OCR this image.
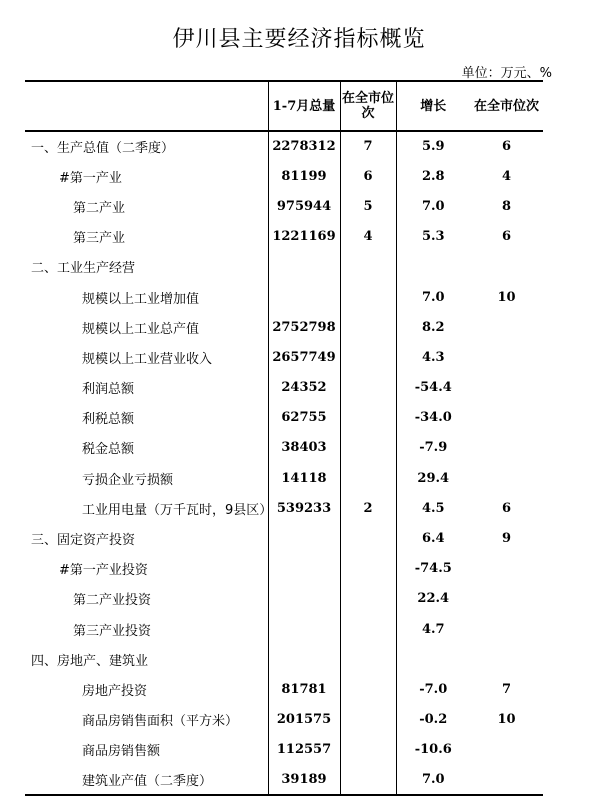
伊川县主要经济指标概览
单位：万元、%
	1-7月总量	在全市位次	增长	在全市位次
一、生产总值（二季度）	2278312	7	5.9	6
#第一产业	81199	6	2.8	4
第二产业	975944	5	7.0	8
第三产业	1221169	4	5.3	6
二、工业生产经营				
规模以上工业增加值			7.0	10
规模以上工业总产值	2752798		8.2	
规模以上工业营业收入	2657749		4.3	
利润总额	24352		-54.4	
利税总额	62755		-34.0	
税金总额	38403		-7.9	
亏损企业亏损额	14118		29.4	
工业用电量（万千瓦时，9县区）	539233	2	4.5	6
三、固定资产投资			6.4	9
#第一产业投资			-74.5	
第二产业投资			22.4	
第三产业投资			4.7	
四、房地产、建筑业				
房地产投资	81781		-7.0	7
商品房销售面积（平方米）	201575		-0.2	10
商品房销售额	112557		-10.6	
建筑业产值（二季度）	39189		7.0	
